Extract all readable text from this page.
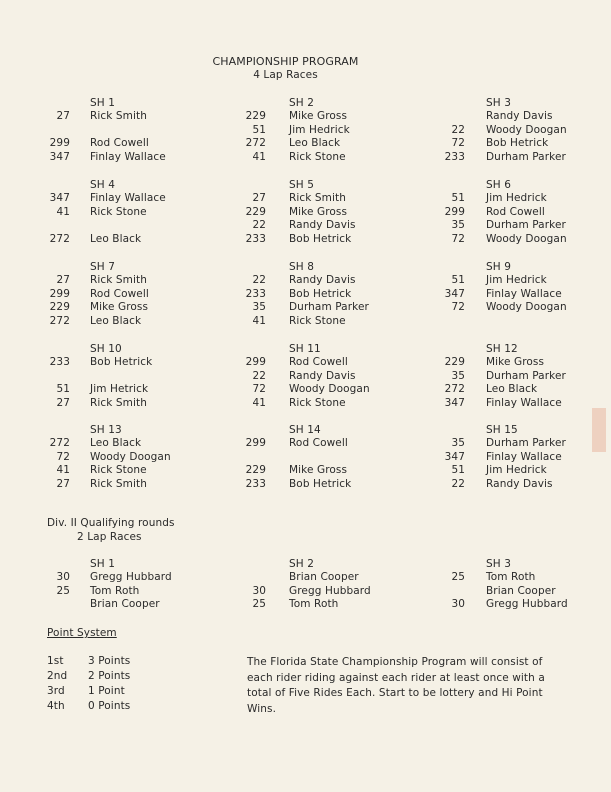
CHAMPIONSHIP PROGRAM
4 Lap Races
SH 1
27 Rick Smith
299 Rod Cowell
347 Finlay Wallace
SH 2
229 Mike Gross
51 Jim Hedrick
272 Leo Black
41 Rick Stone
SH 3
Randy Davis
22 Woody Doogan
72 Bob Hetrick
233 Durham Parker
SH 4
347 Finlay Wallace
41 Rick Stone
272 Leo Black
SH 5
27 Rick Smith
229 Mike Gross
22 Randy Davis
233 Bob Hetrick
SH 6
51 Jim Hedrick
299 Rod Cowell
35 Durham Parker
72 Woody Doogan
SH 7
27 Rick Smith
299 Rod Cowell
229 Mike Gross
272 Leo Black
SH 8
22 Randy Davis
233 Bob Hetrick
35 Durham Parker
41 Rick Stone
SH 9
51 Jim Hedrick
347 Finlay Wallace
72 Woody Doogan
SH 10
233 Bob Hetrick
51 Jim Hetrick
27 Rick Smith
SH 11
299 Rod Cowell
22 Randy Davis
72 Woody Doogan
41 Rick Stone
SH 12
229 Mike Gross
35 Durham Parker
272 Leo Black
347 Finlay Wallace
SH 13
272 Leo Black
72 Woody Doogan
41 Rick Stone
27 Rick Smith
SH 14
299 Rod Cowell
229 Mike Gross
233 Bob Hetrick
SH 15
35 Durham Parker
347 Finlay Wallace
51 Jim Hedrick
22 Randy Davis
Div. II Qualifying rounds
2 Lap Races
SH 1
30 Gregg Hubbard
25 Tom Roth
Brian Cooper
SH 2
Brian Cooper
30 Gregg Hubbard
25 Tom Roth
SH 3
25 Tom Roth
Brian Cooper
30 Gregg Hubbard
Point System
1st 3 Points
2nd 2 Points
3rd 1 Point
4th 0 Points
The Florida State Championship Program will consist of each rider riding against each rider at least once with a total of Five Rides Each. Start to be lottery and Hi Point Wins.
